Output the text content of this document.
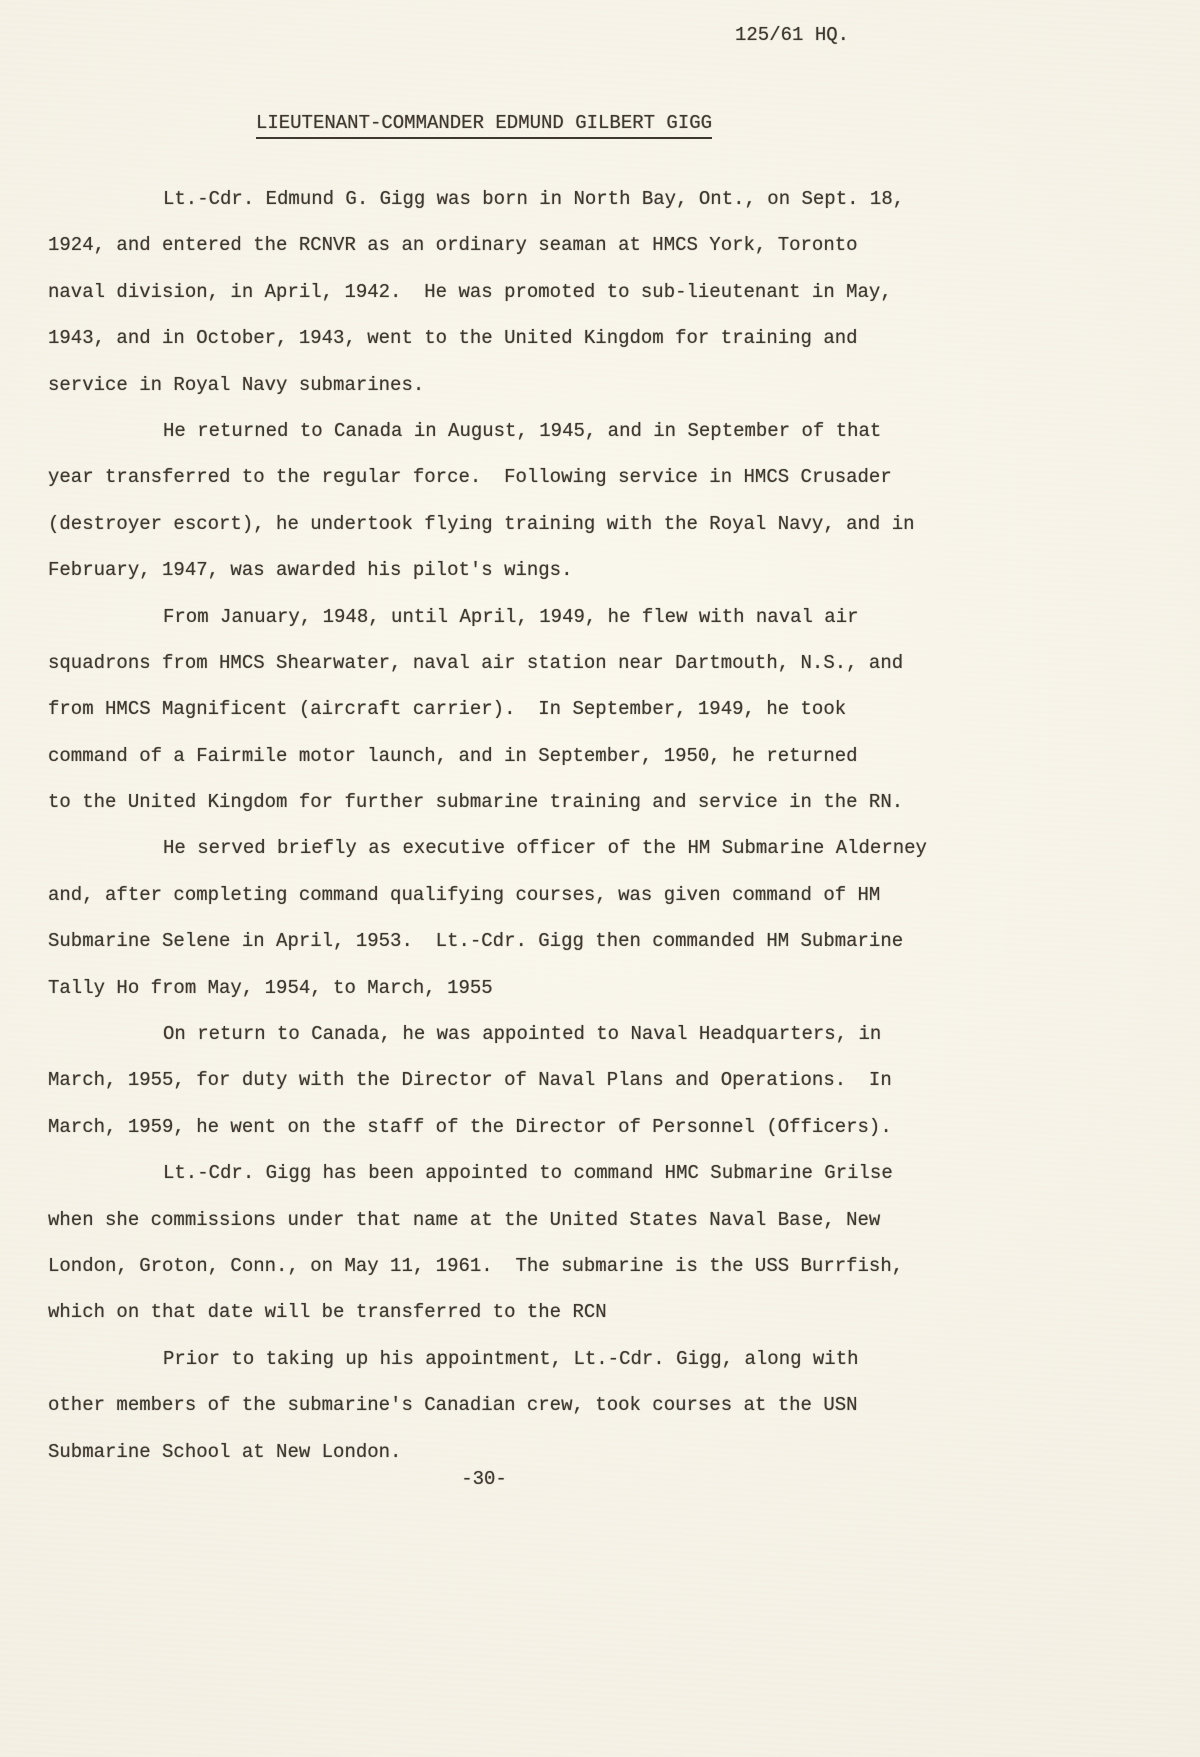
125/61 HQ.
LIEUTENANT-COMMANDER EDMUND GILBERT GIGG
Lt.-Cdr. Edmund G. Gigg was born in North Bay, Ont., on Sept. 18,
1924, and entered the RCNVR as an ordinary seaman at HMCS York, Toronto
naval division, in April, 1942.  He was promoted to sub-lieutenant in May,
1943, and in October, 1943, went to the United Kingdom for training and
service in Royal Navy submarines.
He returned to Canada in August, 1945, and in September of that
year transferred to the regular force.  Following service in HMCS Crusader
(destroyer escort), he undertook flying training with the Royal Navy, and in
February, 1947, was awarded his pilot's wings.
From January, 1948, until April, 1949, he flew with naval air
squadrons from HMCS Shearwater, naval air station near Dartmouth, N.S., and
from HMCS Magnificent (aircraft carrier).  In September, 1949, he took
command of a Fairmile motor launch, and in September, 1950, he returned
to the United Kingdom for further submarine training and service in the RN.
He served briefly as executive officer of the HM Submarine Alderney
and, after completing command qualifying courses, was given command of HM
Submarine Selene in April, 1953.  Lt.-Cdr. Gigg then commanded HM Submarine
Tally Ho from May, 1954, to March, 1955
On return to Canada, he was appointed to Naval Headquarters, in
March, 1955, for duty with the Director of Naval Plans and Operations.  In
March, 1959, he went on the staff of the Director of Personnel (Officers).
Lt.-Cdr. Gigg has been appointed to command HMC Submarine Grilse
when she commissions under that name at the United States Naval Base, New
London, Groton, Conn., on May 11, 1961.  The submarine is the USS Burrfish,
which on that date will be transferred to the RCN
Prior to taking up his appointment, Lt.-Cdr. Gigg, along with
other members of the submarine's Canadian crew, took courses at the USN
Submarine School at New London.
-30-
